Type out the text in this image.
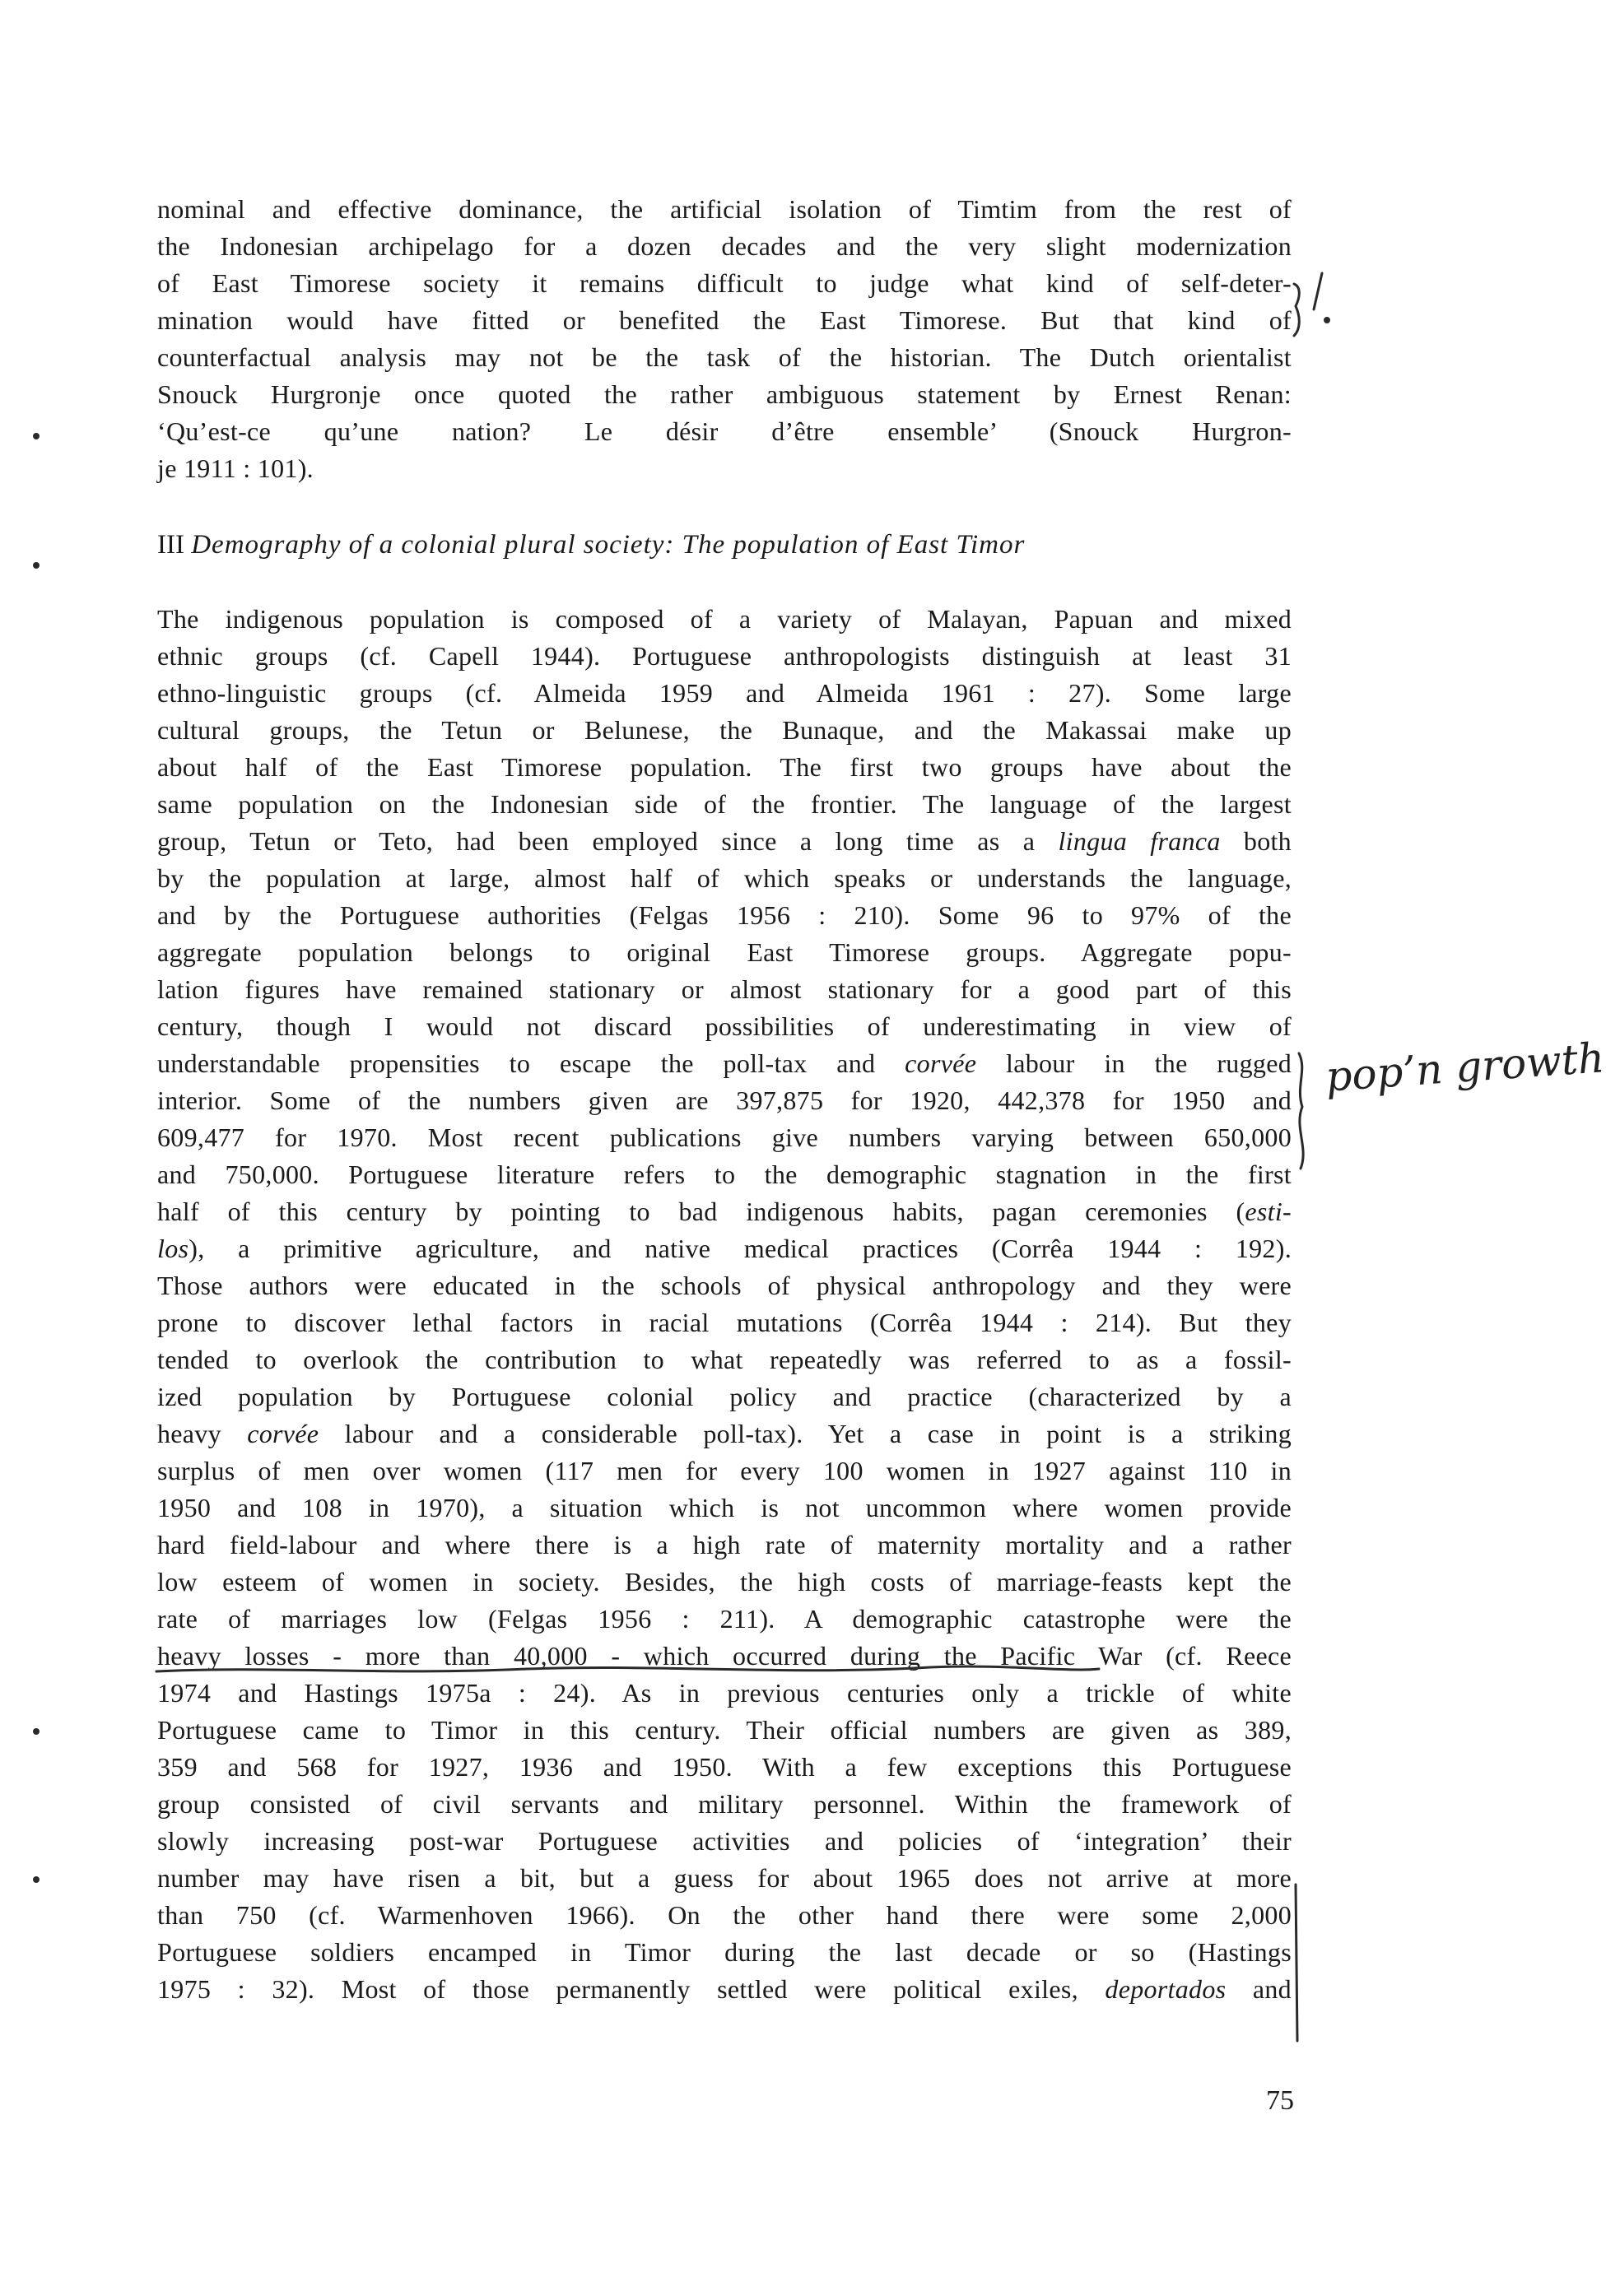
nominal and effective dominance, the artificial isolation of Timtim from the rest of
the Indonesian archipelago for a dozen decades and the very slight modernization
of East Timorese society it remains difficult to judge what kind of self-deter-
mination would have fitted or benefited the East Timorese. But that kind of
counterfactual analysis may not be the task of the historian. The Dutch orientalist
Snouck Hurgronje once quoted the rather ambiguous statement by Ernest Renan:
‘Qu’est-ce qu’une nation? Le désir d’être ensemble’ (Snouck Hurgron-
je 1911 : 101).
III Demography of a colonial plural society: The population of East Timor
The indigenous population is composed of a variety of Malayan, Papuan and mixed
ethnic groups (cf. Capell 1944). Portuguese anthropologists distinguish at least 31
ethno-linguistic groups (cf. Almeida 1959 and Almeida 1961 : 27). Some large
cultural groups, the Tetun or Belunese, the Bunaque, and the Makassai make up
about half of the East Timorese population. The first two groups have about the
same population on the Indonesian side of the frontier. The language of the largest
group, Tetun or Teto, had been employed since a long time as a lingua franca both
by the population at large, almost half of which speaks or understands the language,
and by the Portuguese authorities (Felgas 1956 : 210). Some 96 to 97% of the
aggregate population belongs to original East Timorese groups. Aggregate popu-
lation figures have remained stationary or almost stationary for a good part of this
century, though I would not discard possibilities of underestimating in view of
understandable propensities to escape the poll-tax and corvée labour in the rugged
interior. Some of the numbers given are 397,875 for 1920, 442,378 for 1950 and
609,477 for 1970. Most recent publications give numbers varying between 650,000
and 750,000. Portuguese literature refers to the demographic stagnation in the first
half of this century by pointing to bad indigenous habits, pagan ceremonies (esti-
los), a primitive agriculture, and native medical practices (Corrêa 1944 : 192).
Those authors were educated in the schools of physical anthropology and they were
prone to discover lethal factors in racial mutations (Corrêa 1944 : 214). But they
tended to overlook the contribution to what repeatedly was referred to as a fossil-
ized population by Portuguese colonial policy and practice (characterized by a
heavy corvée labour and a considerable poll-tax). Yet a case in point is a striking
surplus of men over women (117 men for every 100 women in 1927 against 110 in
1950 and 108 in 1970), a situation which is not uncommon where women provide
hard field-labour and where there is a high rate of maternity mortality and a rather
low esteem of women in society. Besides, the high costs of marriage-feasts kept the
rate of marriages low (Felgas 1956 : 211). A demographic catastrophe were the
heavy losses - more than 40,000 - which occurred during the Pacific War (cf. Reece
1974 and Hastings 1975a : 24). As in previous centuries only a trickle of white
Portuguese came to Timor in this century. Their official numbers are given as 389,
359 and 568 for 1927, 1936 and 1950. With a few exceptions this Portuguese
group consisted of civil servants and military personnel. Within the framework of
slowly increasing post-war Portuguese activities and policies of ‘integration’ their
number may have risen a bit, but a guess for about 1965 does not arrive at more
than 750 (cf. Warmenhoven 1966). On the other hand there were some 2,000
Portuguese soldiers encamped in Timor during the last decade or so (Hastings
1975 : 32). Most of those permanently settled were political exiles, deportados and
75
pop’n growth
